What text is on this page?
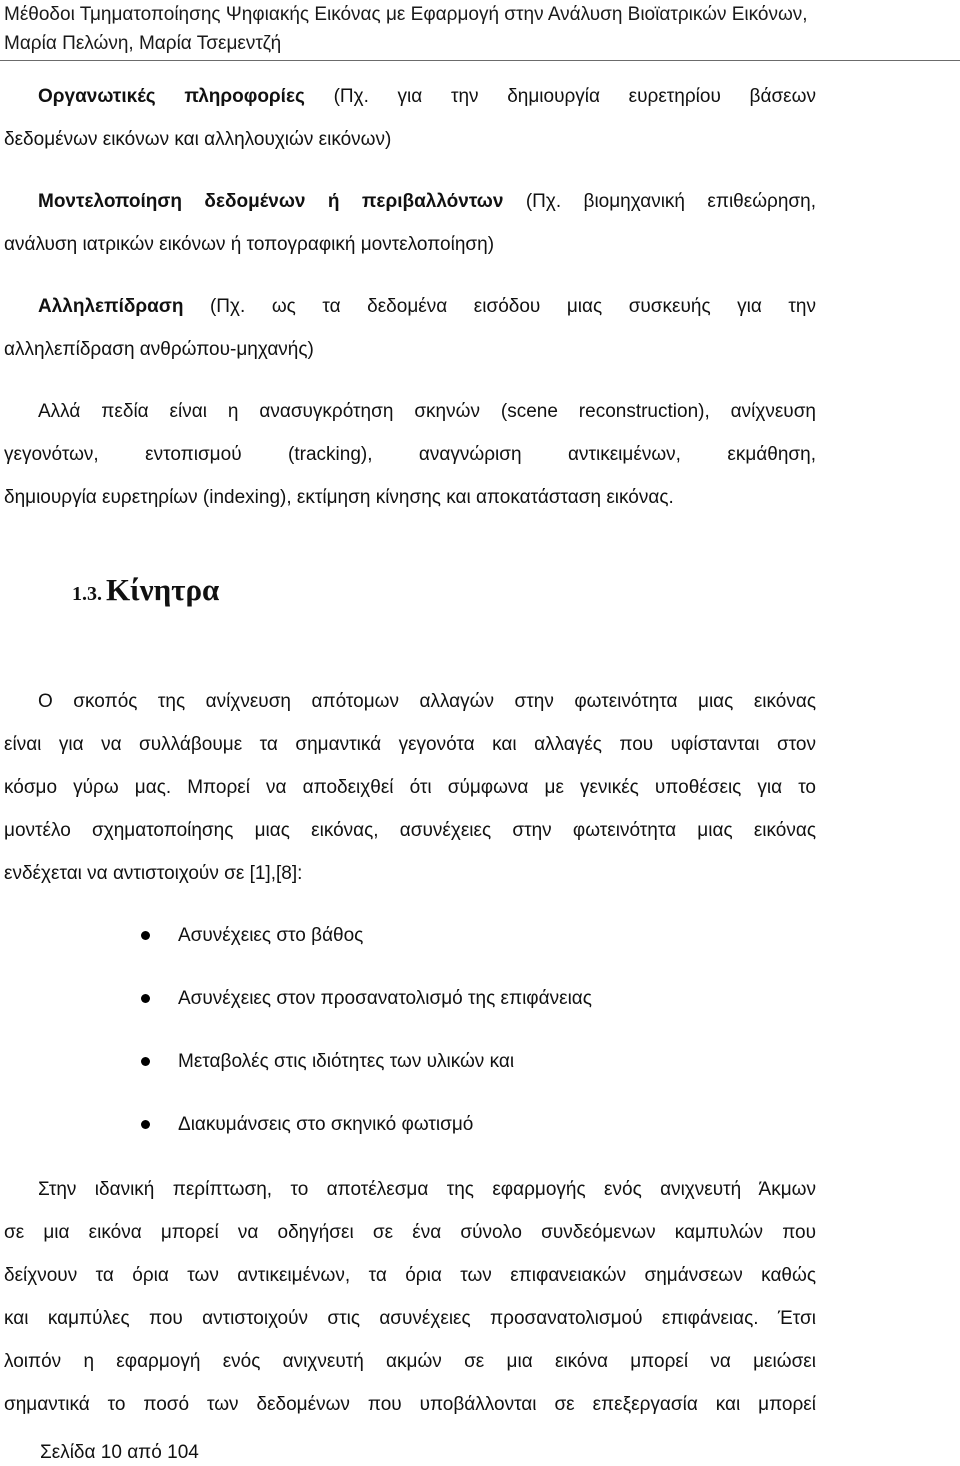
Μέθοδοι Τμηματοποίησης Ψηφιακής Εικόνας με Εφαρμογή στην Ανάλυση Βιοϊατρικών Εικόνων,
Μαρία Πελώνη, Μαρία Τσεμεντζή
Οργανωτικές πληροφορίες (Πχ. για την δημιουργία ευρετηρίου βάσεων
δεδομένων εικόνων και αλληλουχιών εικόνων)
Μοντελοποίηση δεδομένων ή περιβαλλόντων (Πχ. βιομηχανική επιθεώρηση,
ανάλυση ιατρικών εικόνων ή τοπογραφική μοντελοποίηση)
Αλληλεπίδραση (Πχ. ως τα δεδομένα εισόδου μιας συσκευής για την
αλληλεπίδραση ανθρώπου-μηχανής)
Αλλά πεδία είναι η ανασυγκρότηση σκηνών (scene reconstruction), ανίχνευση
γεγονότων, εντοπισμού (tracking), αναγνώριση αντικειμένων, εκμάθηση,
δημιουργία ευρετηρίων (indexing), εκτίμηση κίνησης και αποκατάσταση εικόνας.
1.3. Κίνητρα
Ο σκοπός της ανίχνευση απότομων αλλαγών στην φωτεινότητα μιας εικόνας
είναι για να συλλάβουμε τα σημαντικά γεγονότα και αλλαγές που υφίστανται στον
κόσμο γύρω μας. Μπορεί να αποδειχθεί ότι σύμφωνα με γενικές υποθέσεις για το
μοντέλο σχηματοποίησης μιας εικόνας, ασυνέχειες στην φωτεινότητα μιας εικόνας
ενδέχεται να αντιστοιχούν σε [1],[8]:
Ασυνέχειες στο βάθος
Ασυνέχειες στον προσανατολισμό της επιφάνειας
Μεταβολές στις ιδιότητες των υλικών και
Διακυμάνσεις στο σκηνικό φωτισμό
Στην ιδανική περίπτωση, το αποτέλεσμα της εφαρμογής ενός ανιχνευτή Άκμων
σε μια εικόνα μπορεί να οδηγήσει σε ένα σύνολο συνδεόμενων καμπυλών που
δείχνουν τα όρια των αντικειμένων, τα όρια των επιφανειακών σημάνσεων καθώς
και καμπύλες που αντιστοιχούν στις ασυνέχειες προσανατολισμού επιφάνειας. Έτσι
λοιπόν η εφαρμογή ενός ανιχνευτή ακμών σε μια εικόνα μπορεί να μειώσει
σημαντικά το ποσό των δεδομένων που υποβάλλονται σε επεξεργασία και μπορεί
Σελίδα 10 από 104
